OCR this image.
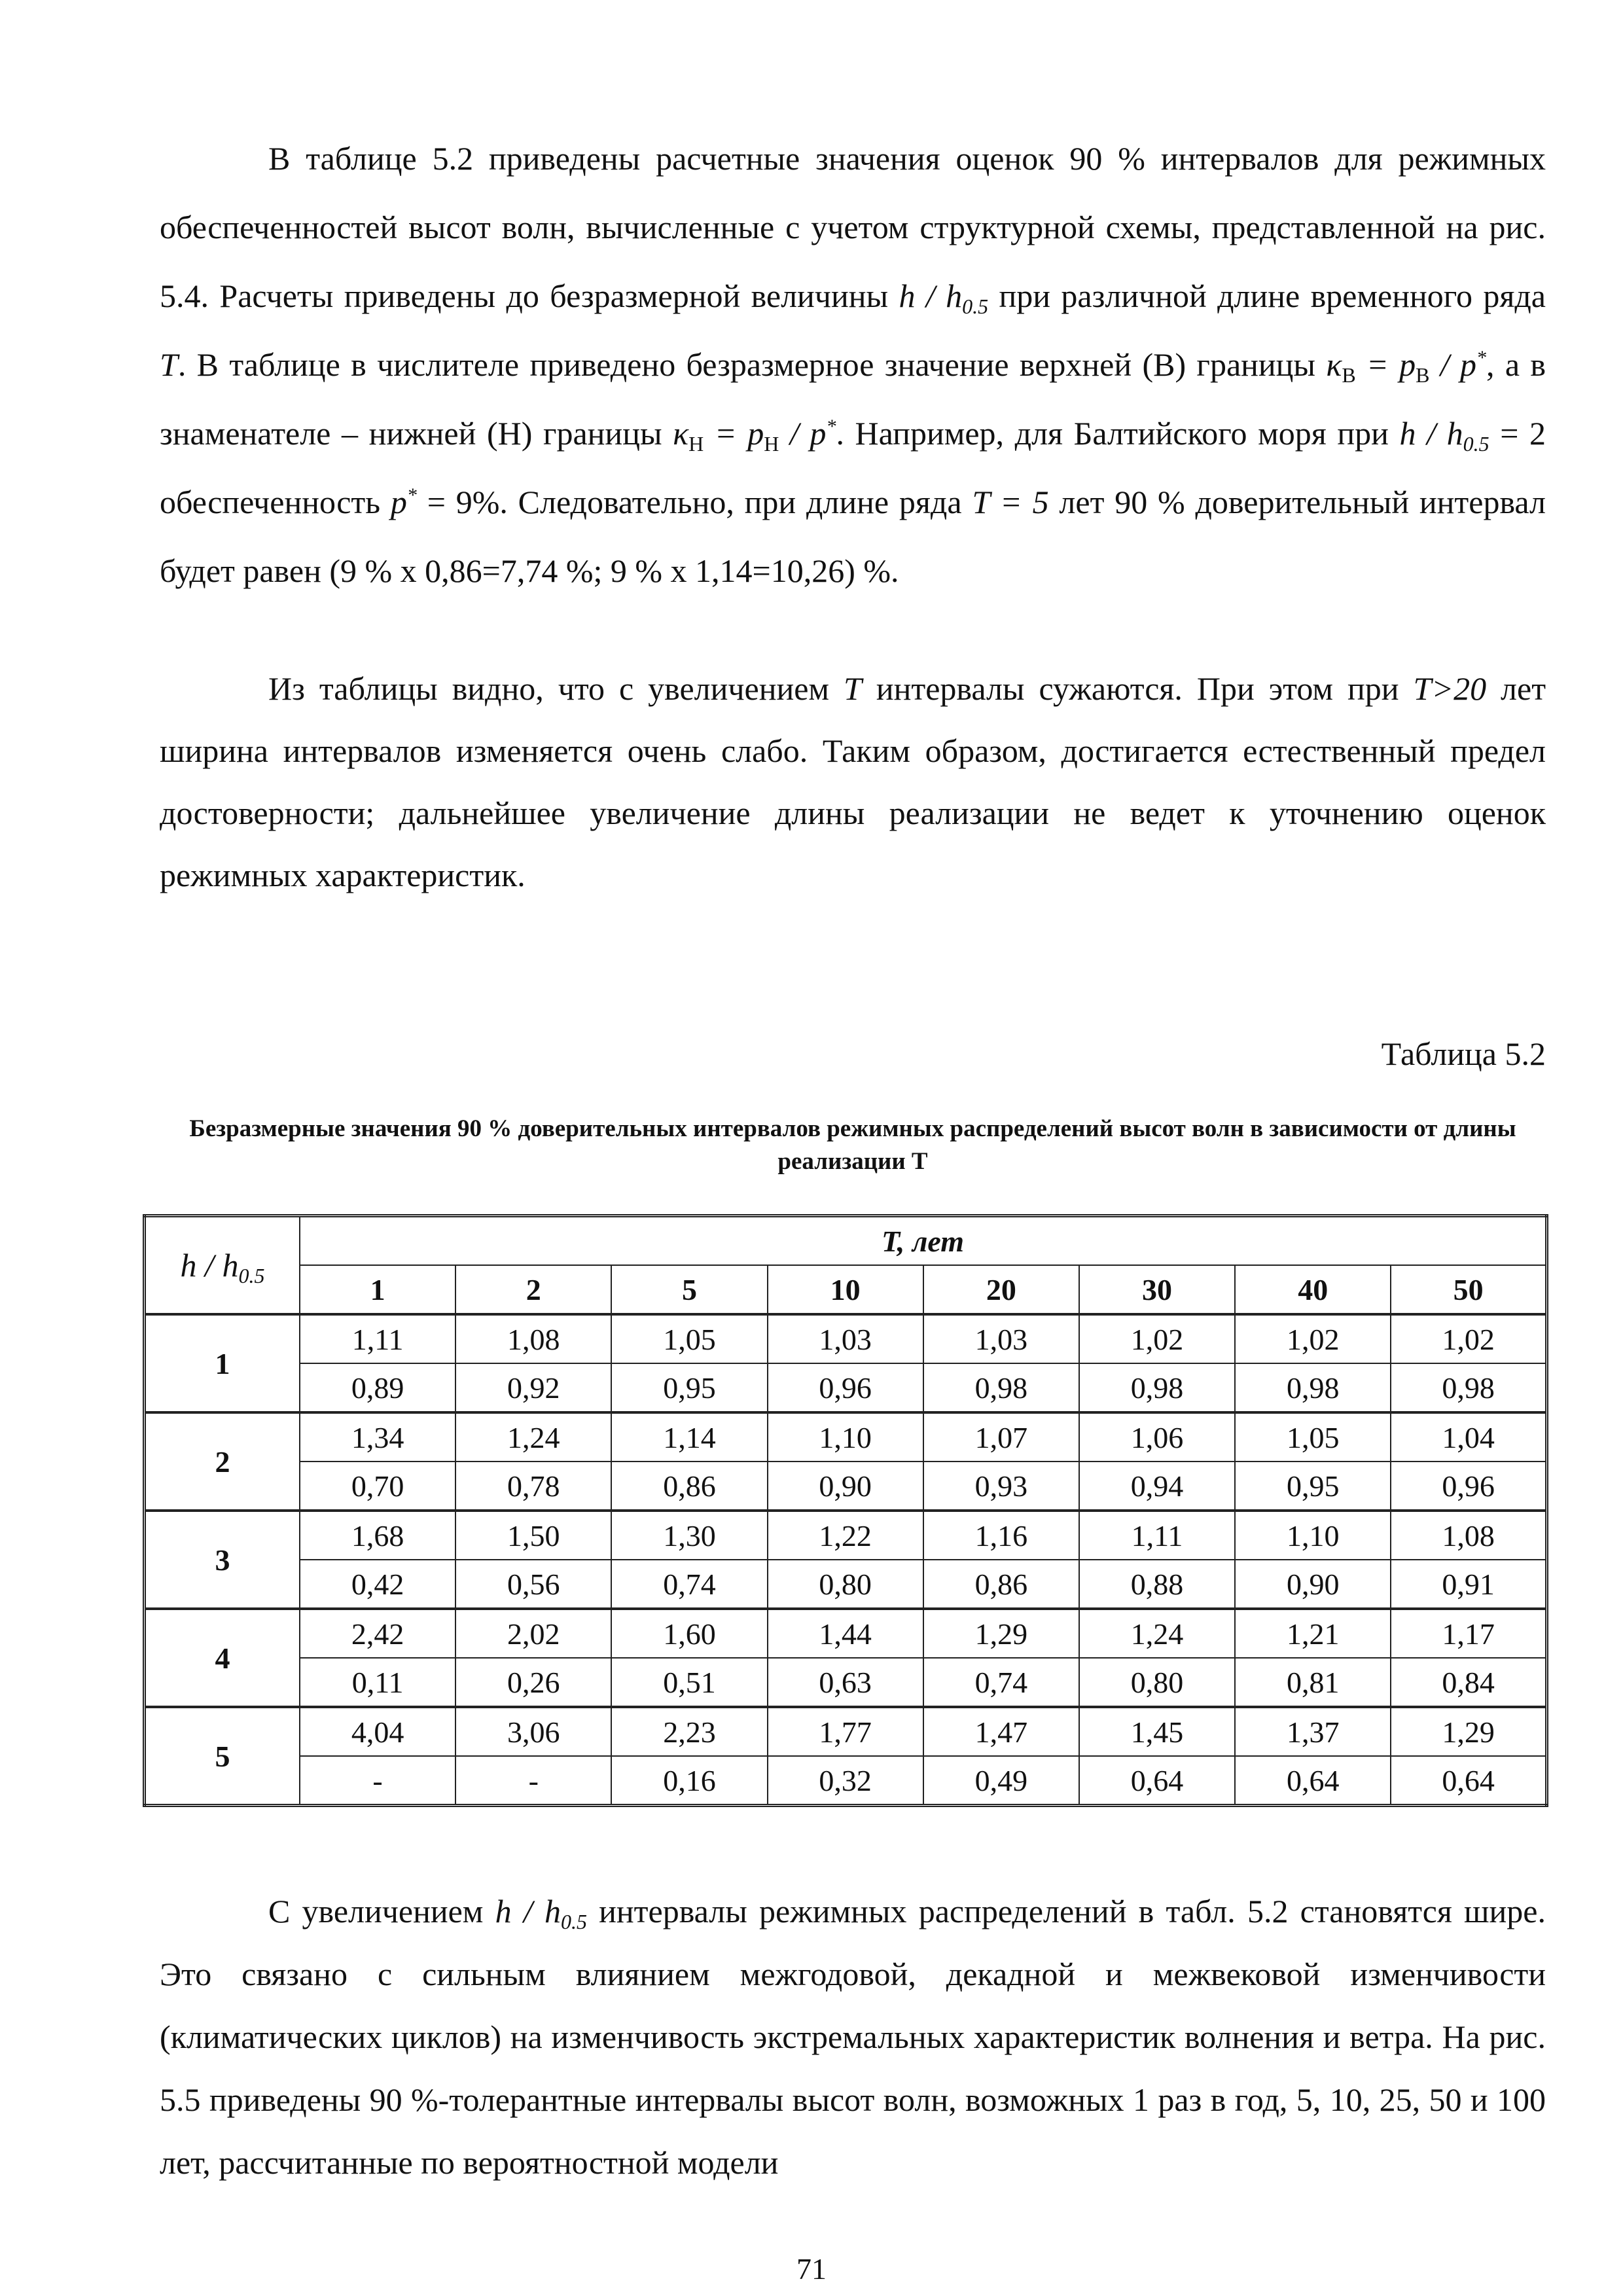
В таблице 5.2 приведены расчетные значения оценок 90 % интервалов для режимных обеспеченностей высот волн, вычисленные с учетом структурной схемы, представленной на рис. 5.4. Расчеты приведены до безразмерной величины h / $h_{0.5}$ при различной длине временного ряда T. В таблице в числителе приведено безразмерное значение верхней (В) границы $\kappa_В = p_В / p^*$, а в знаменателе – нижней (Н) границы $\kappa_Н = p_Н / p^*$. Например, для Балтийского моря при $h / h_{0.5} = 2$ обеспеченность p* = 9%. Следовательно, при длине ряда T = 5 лет 90 % доверительный интервал будет равен (9 % x 0,86=7,74 %; 9 % x 1,14=10,26) %.

Из таблицы видно, что с увеличением T интервалы сужаются. При этом при T>20 лет ширина интервалов изменяется очень слабо. Таким образом, достигается естественный предел достоверности; дальнейшее увеличение длины реализации не ведет к уточнению оценок режимных характеристик.

Таблица 5.2
Безразмерные значения 90 % доверительных интервалов режимных распределений высот волн в зависимости от длины реализации T
h / $h_{0.5}$	T, лет							
	1	2	5	10	20	30	40	50
1	1,11	1,08	1,05	1,03	1,03	1,02	1,02	1,02
	0,89	0,92	0,95	0,96	0,98	0,98	0,98	0,98
2	1,34	1,24	1,14	1,10	1,07	1,06	1,05	1,04
	0,70	0,78	0,86	0,90	0,93	0,94	0,95	0,96
3	1,68	1,50	1,30	1,22	1,16	1,11	1,10	1,08
	0,42	0,56	0,74	0,80	0,86	0,88	0,90	0,91
4	2,42	2,02	1,60	1,44	1,29	1,24	1,21	1,17
	0,11	0,26	0,51	0,63	0,74	0,80	0,81	0,84
5	4,04	3,06	2,23	1,77	1,47	1,45	1,37	1,29
	-	-	0,16	0,32	0,49	0,64	0,64	0,64

С увеличением h / $h_{0.5}$ интервалы режимных распределений в табл. 5.2 становятся шире. Это связано с сильным влиянием межгодовой, декадной и межвековой изменчивости (климатических циклов) на изменчивость экстремальных характеристик волнения и ветра. На рис. 5.5 приведены 90 %-толерантные интервалы высот волн, возможных 1 раз в год, 5, 10, 25, 50 и 100 лет, рассчитанные по вероятностной модели

71
